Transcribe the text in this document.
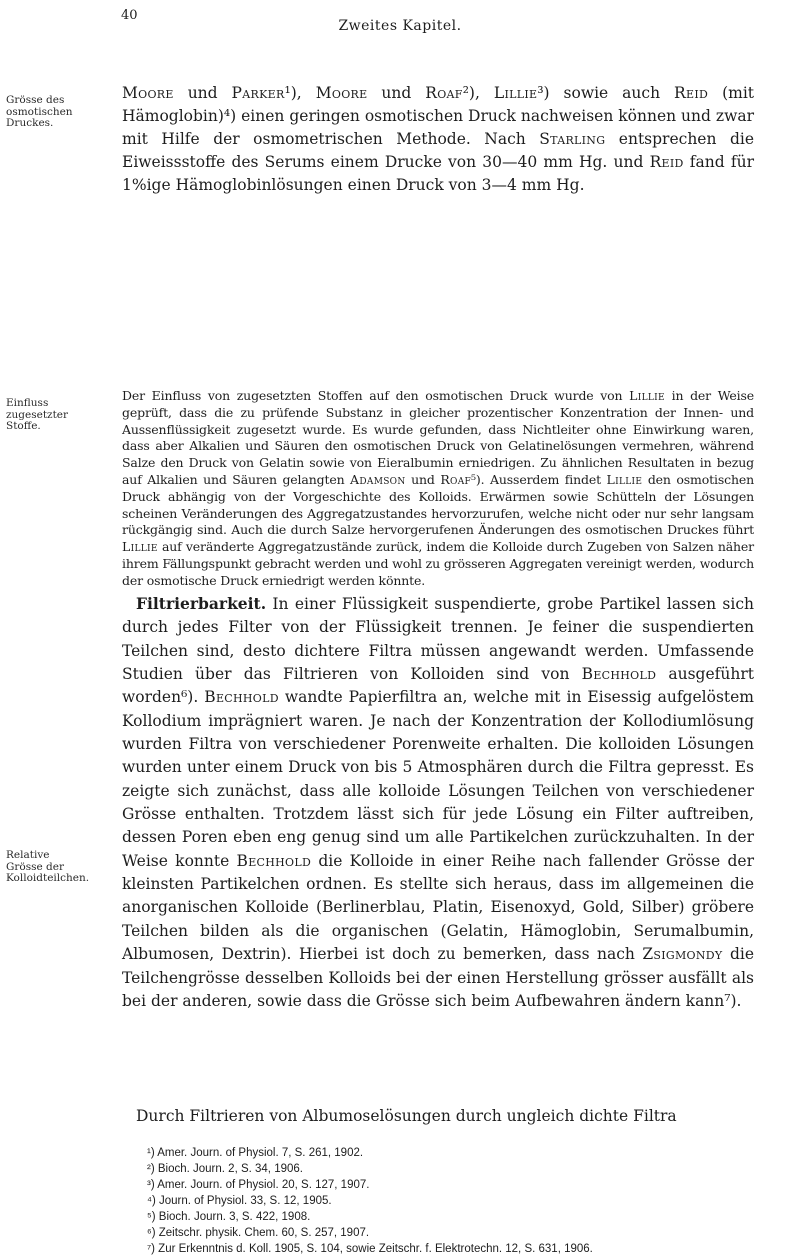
40
Zweites Kapitel.
Grösse des osmotischen Druckes.
Einfluss zugesetzter Stoffe.
Relative Grösse der Kolloidteilchen.
Moore und Parker¹), Moore und Roaf²), Lillie³) sowie auch Reid (mit Hämoglobin)⁴) einen geringen osmotischen Druck nachweisen können und zwar mit Hilfe der osmometrischen Methode. Nach Starling entsprechen die Eiweissstoffe des Serums einem Drucke von 30—40 mm Hg. und Reid fand für 1%ige Hämoglobinlösungen einen Druck von 3—4 mm Hg.
Der Einfluss von zugesetzten Stoffen auf den osmotischen Druck wurde von Lillie in der Weise geprüft, dass die zu prüfende Substanz in gleicher prozentischer Konzentration der Innen- und Aussenflüssigkeit zugesetzt wurde. Es wurde gefunden, dass Nichtleiter ohne Einwirkung waren, dass aber Alkalien und Säuren den osmotischen Druck von Gelatinelösungen vermehren, während Salze den Druck von Gelatin sowie von Eieralbumin erniedrigen. Zu ähnlichen Resultaten in bezug auf Alkalien und Säuren gelangten Adamson und Roaf⁵). Ausserdem findet Lillie den osmotischen Druck abhängig von der Vorgeschichte des Kolloids. Erwärmen sowie Schütteln der Lösungen scheinen Veränderungen des Aggregatzustandes hervorzurufen, welche nicht oder nur sehr langsam rückgängig sind. Auch die durch Salze hervorgerufenen Änderungen des osmotischen Druckes führt Lillie auf veränderte Aggregatzustände zurück, indem die Kolloide durch Zugeben von Salzen näher ihrem Fällungspunkt gebracht werden und wohl zu grösseren Aggregaten vereinigt werden, wodurch der osmotische Druck erniedrigt werden könnte.
Filtrierbarkeit. In einer Flüssigkeit suspendierte, grobe Partikel lassen sich durch jedes Filter von der Flüssigkeit trennen. Je feiner die suspendierten Teilchen sind, desto dichtere Filtra müssen angewandt werden. Umfassende Studien über das Filtrieren von Kolloiden sind von Bechhold ausgeführt worden⁶). Bechhold wandte Papierfiltra an, welche mit in Eisessig aufgelöstem Kollodium imprägniert waren. Je nach der Konzentration der Kollodiumlösung wurden Filtra von verschiedener Porenweite erhalten. Die kolloiden Lösungen wurden unter einem Druck von bis 5 Atmosphären durch die Filtra gepresst. Es zeigte sich zunächst, dass alle kolloide Lösungen Teilchen von verschiedener Grösse enthalten. Trotzdem lässt sich für jede Lösung ein Filter auftreiben, dessen Poren eben eng genug sind um alle Partikelchen zurückzuhalten. In der Weise konnte Bechhold die Kolloide in einer Reihe nach fallender Grösse der kleinsten Partikelchen ordnen. Es stellte sich heraus, dass im allgemeinen die anorganischen Kolloide (Berlinerblau, Platin, Eisenoxyd, Gold, Silber) gröbere Teilchen bilden als die organischen (Gelatin, Hämoglobin, Serumalbumin, Albumosen, Dextrin). Hierbei ist doch zu bemerken, dass nach Zsigmondy die Teilchengrösse desselben Kolloids bei der einen Herstellung grösser ausfällt als bei der anderen, sowie dass die Grösse sich beim Aufbewahren ändern kann⁷).
Durch Filtrieren von Albumoselösungen durch ungleich dichte Filtra
¹) Amer. Journ. of Physiol. 7, S. 261, 1902.
²) Bioch. Journ. 2, S. 34, 1906.
³) Amer. Journ. of Physiol. 20, S. 127, 1907.
⁴) Journ. of Physiol. 33, S. 12, 1905.
⁵) Bioch. Journ. 3, S. 422, 1908.
⁶) Zeitschr. physik. Chem. 60, S. 257, 1907.
⁷) Zur Erkenntnis d. Koll. 1905, S. 104, sowie Zeitschr. f. Elektrotechn. 12, S. 631, 1906.
